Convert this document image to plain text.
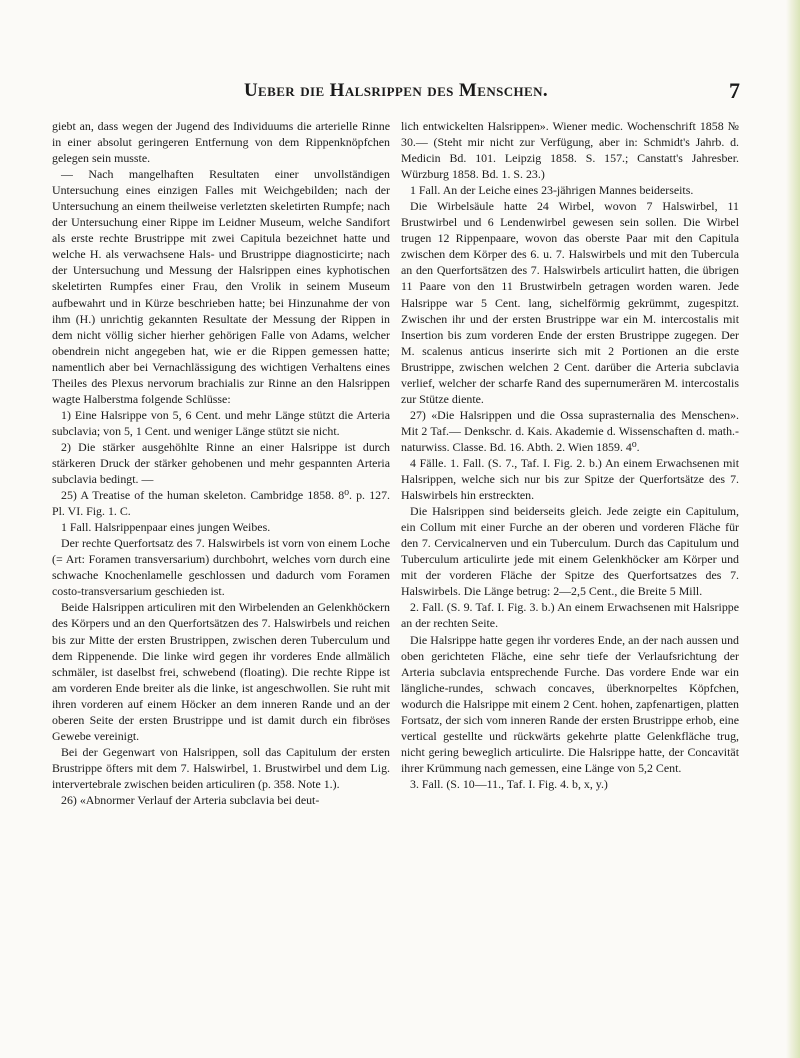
Ueber die Halsrippen des Menschen.	7

giebt an, dass wegen der Jugend des Individuums die arterielle Rinne in einer absolut geringeren Entfernung von dem Rippenknöpfchen gelegen sein musste.

— Nach mangelhaften Resultaten einer unvollständigen Untersuchung eines einzigen Falles mit Weichgebilden; nach der Untersuchung an einem theilweise verletzten skeletirten Rumpfe; nach der Untersuchung einer Rippe im Leidner Museum, welche Sandifort als erste rechte Brustrippe mit zwei Capitula bezeichnet hatte und welche H. als verwachsene Hals- und Brustrippe diagnosticirte; nach der Untersuchung und Messung der Halsrippen eines kyphotischen skeletirten Rumpfes einer Frau, den Vrolik in seinem Museum aufbewahrt und in Kürze beschrieben hatte; bei Hinzunahme der von ihm (H.) unrichtig gekannten Resultate der Messung der Rippen in dem nicht völlig sicher hierher gehörigen Falle von Adams, welcher obendrein nicht angegeben hat, wie er die Rippen gemessen hatte; namentlich aber bei Vernachlässigung des wichtigen Verhaltens eines Theiles des Plexus nervorum brachialis zur Rinne an den Halsrippen wagte Halberstma folgende Schlüsse:

1) Eine Halsrippe von 5, 6 Cent. und mehr Länge stützt die Arteria subclavia; von 5, 1 Cent. und weniger Länge stützt sie nicht.

2) Die stärker ausgehöhlte Rinne an einer Halsrippe ist durch stärkeren Druck der stärker gehobenen und mehr gespannten Arteria subclavia bedingt. —

25) A Treatise of the human skeleton. Cambridge 1858. 8⁰. p. 127. Pl. VI. Fig. 1. C.

1 Fall. Halsrippenpaar eines jungen Weibes.

Der rechte Querfortsatz des 7. Halswirbels ist vorn von einem Loche (= Art: Foramen transversarium) durchbohrt, welches vorn durch eine schwache Knochenlamelle geschlossen und dadurch vom Foramen costo-transversarium geschieden ist.

Beide Halsrippen articuliren mit den Wirbelenden an Gelenkhöckern des Körpers und an den Querfortsätzen des 7. Halswirbels und reichen bis zur Mitte der ersten Brustrippen, zwischen deren Tuberculum und dem Rippenende. Die linke wird gegen ihr vorderes Ende allmälich schmäler, ist daselbst frei, schwebend (floating). Die rechte Rippe ist am vorderen Ende breiter als die linke, ist angeschwollen. Sie ruht mit ihren vorderen auf einem Höcker an dem inneren Rande und an der oberen Seite der ersten Brustrippe und ist damit durch ein fibröses Gewebe vereinigt.

Bei der Gegenwart von Halsrippen, soll das Capitulum der ersten Brustrippe öfters mit dem 7. Halswirbel, 1. Brustwirbel und dem Lig. intervertebrale zwischen beiden articuliren (p. 358. Note 1.).

26) «Abnormer Verlauf der Arteria subclavia bei deut-

lich entwickelten Halsrippen». Wiener medic. Wochenschrift 1858 № 30.— (Steht mir nicht zur Verfügung, aber in: Schmidt's Jahrb. d. Medicin Bd. 101. Leipzig 1858. S. 157.; Canstatt's Jahresber. Würzburg 1858. Bd. 1. S. 23.)

1 Fall. An der Leiche eines 23-jährigen Mannes beiderseits.

Die Wirbelsäule hatte 24 Wirbel, wovon 7 Halswirbel, 11 Brustwirbel und 6 Lendenwirbel gewesen sein sollen. Die Wirbel trugen 12 Rippenpaare, wovon das oberste Paar mit den Capitula zwischen dem Körper des 6. u. 7. Halswirbels und mit den Tubercula an den Querfortsätzen des 7. Halswirbels articulirt hatten, die übrigen 11 Paare von den 11 Brustwirbeln getragen worden waren. Jede Halsrippe war 5 Cent. lang, sichelförmig gekrümmt, zugespitzt. Zwischen ihr und der ersten Brustrippe war ein M. intercostalis mit Insertion bis zum vorderen Ende der ersten Brustrippe zugegen. Der M. scalenus anticus inserirte sich mit 2 Portionen an die erste Brustrippe, zwischen welchen 2 Cent. darüber die Arteria subclavia verlief, welcher der scharfe Rand des supernumerären M. intercostalis zur Stütze diente.

27) «Die Halsrippen und die Ossa suprasternalia des Menschen». Mit 2 Taf.— Denkschr. d. Kais. Akademie d. Wissenschaften d. math.-naturwiss. Classe. Bd. 16. Abth. 2. Wien 1859. 4⁰.

4 Fälle. 1. Fall. (S. 7., Taf. I. Fig. 2. b.) An einem Erwachsenen mit Halsrippen, welche sich nur bis zur Spitze der Querfortsätze des 7. Halswirbels hin erstreckten.

Die Halsrippen sind beiderseits gleich. Jede zeigte ein Capitulum, ein Collum mit einer Furche an der oberen und vorderen Fläche für den 7. Cervicalnerven und ein Tuberculum. Durch das Capitulum und Tuberculum articulirte jede mit einem Gelenkhöcker am Körper und mit der vorderen Fläche der Spitze des Querfortsatzes des 7. Halswirbels. Die Länge betrug: 2—2,5 Cent., die Breite 5 Mill.

2. Fall. (S. 9. Taf. I. Fig. 3. b.) An einem Erwachsenen mit Halsrippe an der rechten Seite.

Die Halsrippe hatte gegen ihr vorderes Ende, an der nach aussen und oben gerichteten Fläche, eine sehr tiefe der Verlaufsrichtung der Arteria subclavia entsprechende Furche. Das vordere Ende war ein längliche-rundes, schwach concaves, überknorpeltes Köpfchen, wodurch die Halsrippe mit einem 2 Cent. hohen, zapfenartigen, platten Fortsatz, der sich vom inneren Rande der ersten Brustrippe erhob, eine vertical gestellte und rückwärts gekehrte platte Gelenkfläche trug, nicht gering beweglich articulirte. Die Halsrippe hatte, der Concavität ihrer Krümmung nach gemessen, eine Länge von 5,2 Cent.

3. Fall. (S. 10—11., Taf. I. Fig. 4. b, x, y.)
